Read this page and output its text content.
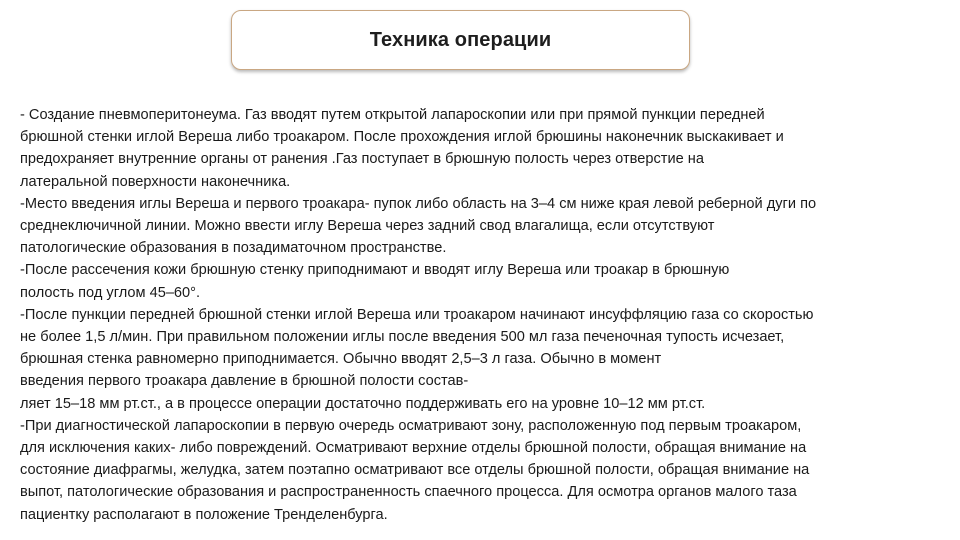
Техника операции
- Создание пневмоперитонеума. Газ вводят путем открытой лапароскопии или при прямой пункции передней
брюшной стенки иглой Вереша либо троакаром. После прохождения иглой брюшины наконечник выскакивает и
предохраняет внутренние органы от ранения .Газ поступает в брюшную полость через отверстие на
латеральной поверхности наконечника.
-Место введения иглы Вереша и первого троакара- пупок либо область на 3–4 см ниже края левой реберной дуги по
среднеключичной линии. Можно ввести иглу Вереша через задний свод влагалища, если отсутствуют
патологические образования в позадиматочном пространстве.
-После рассечения кожи брюшную стенку приподнимают и вводят иглу Вереша или троакар в брюшную
полость под углом 45–60°.
-После пункции передней брюшной стенки иглой Вереша или троакаром начинают инсуффляцию газа со скоростью
не более 1,5 л/мин. При правильном положении иглы после введения 500 мл газа печеночная тупость исчезает,
брюшная стенка равномерно приподнимается. Обычно вводят 2,5–3 л газа. Обычно в момент
введения первого троакара давление в брюшной полости состав-
ляет 15–18 мм рт.ст., а в процессе операции достаточно поддерживать его на уровне 10–12 мм рт.ст.
-При диагностической лапароскопии в первую очередь осматривают зону, расположенную под первым троакаром,
для исключения каких- либо повреждений. Осматривают верхние отделы брюшной полости, обращая внимание на
состояние диафрагмы, желудка, затем поэтапно осматривают все отделы брюшной полости, обращая внимание на
выпот, патологические образования и распространенность спаечного процесса. Для осмотра органов малого таза
пациентку располагают в положение Тренделенбурга.
